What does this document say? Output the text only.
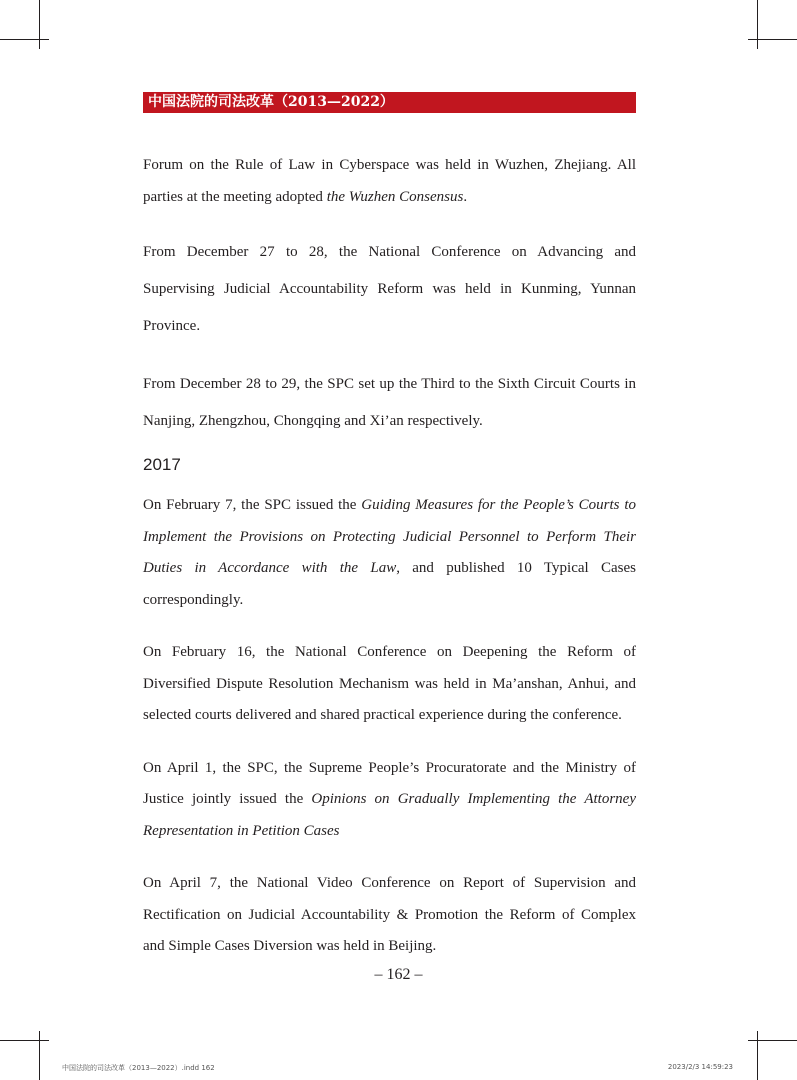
中国法院的司法改革（2013—2022）

Forum on the Rule of Law in Cyberspace was held in Wuzhen, Zhejiang. All parties at the meeting adopted the Wuzhen Consensus.

From December 27 to 28, the National Conference on Advancing and Supervising Judicial Accountability Reform was held in Kunming, Yunnan Province.

From December 28 to 29, the SPC set up the Third to the Sixth Circuit Courts in Nanjing, Zhengzhou, Chongqing and Xi’an respectively.

2017

On February 7, the SPC issued the Guiding Measures for the People’s Courts to Implement the Provisions on Protecting Judicial Personnel to Perform Their Duties in Accordance with the Law, and published 10 Typical Cases correspondingly.

On February 16, the National Conference on Deepening the Reform of Diversified Dispute Resolution Mechanism was held in Ma’anshan, Anhui, and selected courts delivered and shared practical experience during the conference.

On April 1, the SPC, the Supreme People’s Procuratorate and the Ministry of Justice jointly issued the Opinions on Gradually Implementing the Attorney Representation in Petition Cases

On April 7, the National Video Conference on Report of Supervision and Rectification on Judicial Accountability & Promotion the Reform of Complex and Simple Cases Diversion was held in Beijing.

– 162 –
中国法院的司法改革（2013—2022）.indd 162	2023/2/3 14:59:23
